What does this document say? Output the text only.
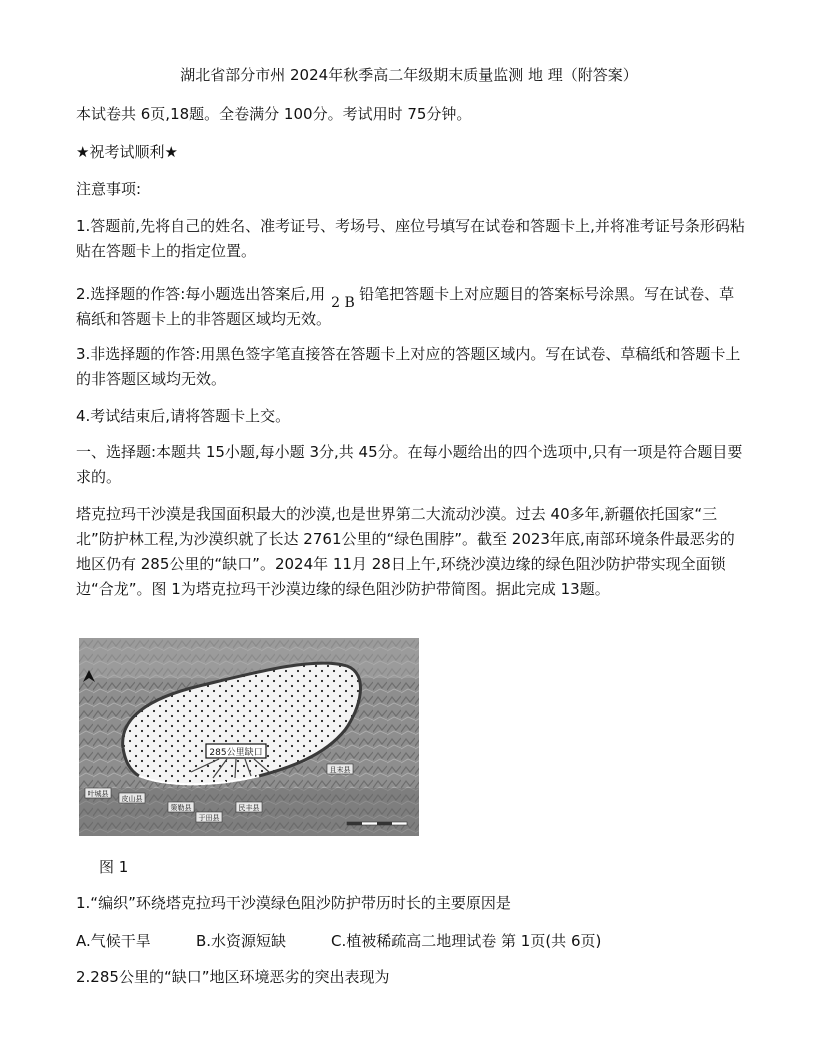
湖北省部分市州 2024年秋季高二年级期末质量监测 地 理（附答案）
本试卷共 6页,18题。全卷满分 100分。考试用时 75分钟。
★祝考试顺利★
注意事项:
1.答题前,先将自己的姓名、准考证号、考场号、座位号填写在试卷和答题卡上,并将准考证号条形码粘贴在答题卡上的指定位置。
2.选择题的作答:每小题选出答案后,用 2 B 铅笔把答题卡上对应题目的答案标号涂黑。写在试卷、草稿纸和答题卡上的非答题区域均无效。
3.非选择题的作答:用黑色签字笔直接答在答题卡上对应的答题区域内。写在试卷、草稿纸和答题卡上的非答题区域均无效。
4.考试结束后,请将答题卡上交。
一、选择题:本题共 15小题,每小题 3分,共 45分。在每小题给出的四个选项中,只有一项是符合题目要求的。
塔克拉玛干沙漠是我国面积最大的沙漠,也是世界第二大流动沙漠。过去 40多年,新疆依托国家“三北”防护林工程,为沙漠织就了长达 2761公里的“绿色围脖”。截至 2023年底,南部环境条件最恶劣的地区仍有 285公里的“缺口”。2024年 11月 28日上午,环绕沙漠边缘的绿色阻沙防护带实现全面锁边“合龙”。图 1为塔克拉玛干沙漠边缘的绿色阻沙防护带简图。据此完成 13题。
285公里缺口
叶城县
皮山县
策勒县
于田县
民丰县
且末县
图 1
1.“编织”环绕塔克拉玛干沙漠绿色阻沙防护带历时长的主要原因是
A.气候干旱	B.水资源短缺	C.植被稀疏高二地理试卷 第 1页(共 6页)
2.285公里的“缺口”地区环境恶劣的突出表现为
